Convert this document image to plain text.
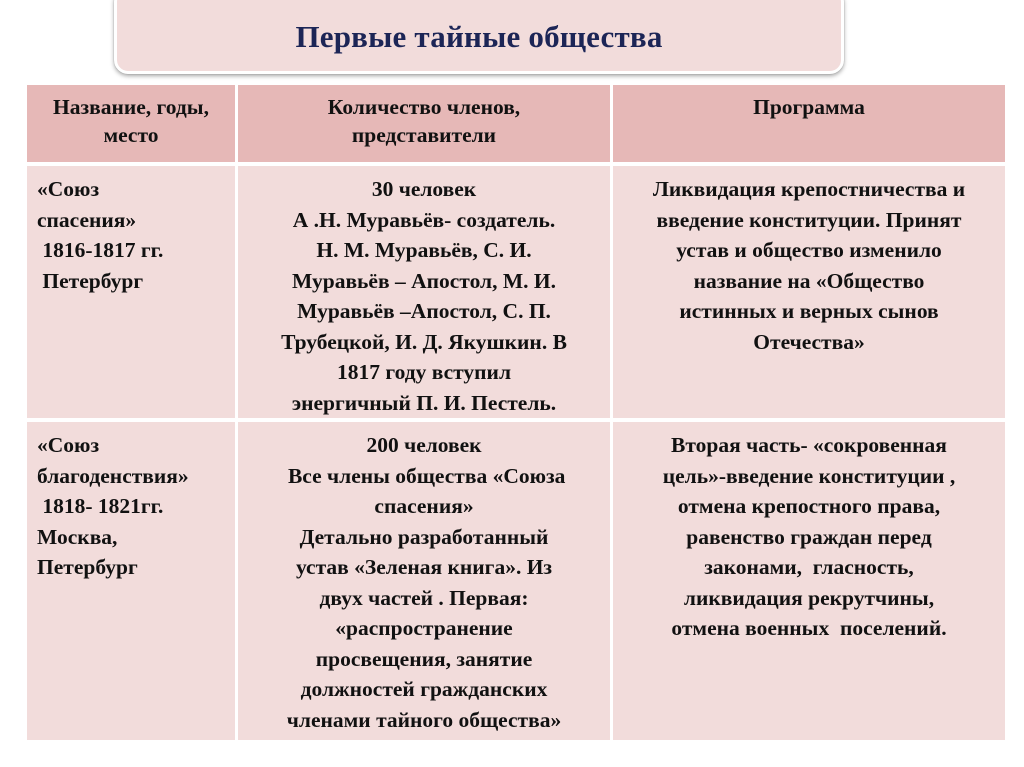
Первые тайные общества
Название, годы,
место
Количество членов,
представители
Программа
«Союз
спасения»
1816-1817 гг.
Петербург
30 человек
А .Н. Муравьёв- создатель.
Н. М. Муравьёв, С. И.
Муравьёв – Апостол, М. И.
Муравьёв –Апостол, С. П.
Трубецкой, И. Д. Якушкин. В
1817 году вступил
энергичный П. И. Пестель.
Ликвидация крепостничества и
введение конституции. Принят
устав и общество изменило
название на «Общество
истинных и верных сынов
Отечества»
«Союз
благоденствия»
1818- 1821гг.
Москва,
Петербург
200 человек
Все члены общества «Союза
спасения»
Детально разработанный
устав «Зеленая книга». Из
двух частей . Первая:
«распространение
просвещения, занятие
должностей гражданских
членами тайного общества»
Вторая часть- «сокровенная
цель»-введение конституции ,
отмена крепостного права,
равенство граждан перед
законами,  гласность,
ликвидация рекрутчины,
отмена военных  поселений.
